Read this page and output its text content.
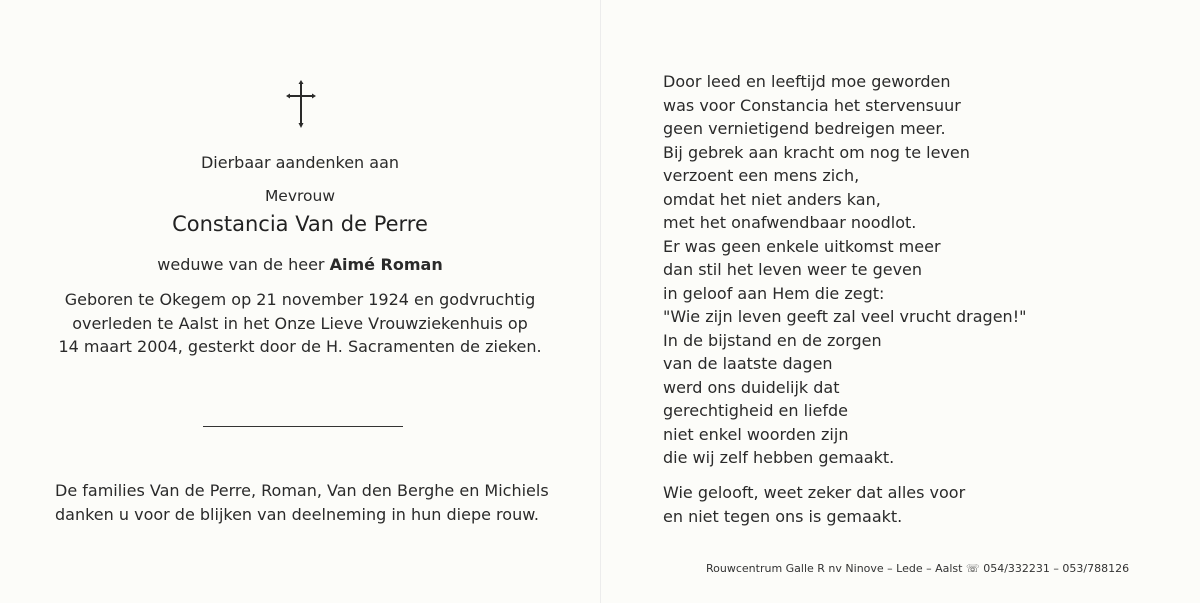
Dierbaar aandenken aan
Mevrouw
Constancia Van de Perre
weduwe van de heer Aimé Roman
Geboren te Okegem op 21 november 1924 en godvruchtig
overleden te Aalst in het Onze Lieve Vrouwziekenhuis op
14 maart 2004, gesterkt door de H. Sacramenten de zieken.
De families Van de Perre, Roman, Van den Berghe en Michiels
danken u voor de blijken van deelneming in hun diepe rouw.
Door leed en leeftijd moe geworden
was voor Constancia het stervensuur
geen vernietigend bedreigen meer.
Bij gebrek aan kracht om nog te leven
verzoent een mens zich,
omdat het niet anders kan,
met het onafwendbaar noodlot.
Er was geen enkele uitkomst meer
dan stil het leven weer te geven
in geloof aan Hem die zegt:
"Wie zijn leven geeft zal veel vrucht dragen!"
In de bijstand en de zorgen
van de laatste dagen
werd ons duidelijk dat
gerechtigheid en liefde
niet enkel woorden zijn
die wij zelf hebben gemaakt.
Wie gelooft, weet zeker dat alles voor
en niet tegen ons is gemaakt.
Rouwcentrum Galle R nv Ninove – Lede – Aalst ☏ 054/332231 – 053/788126
